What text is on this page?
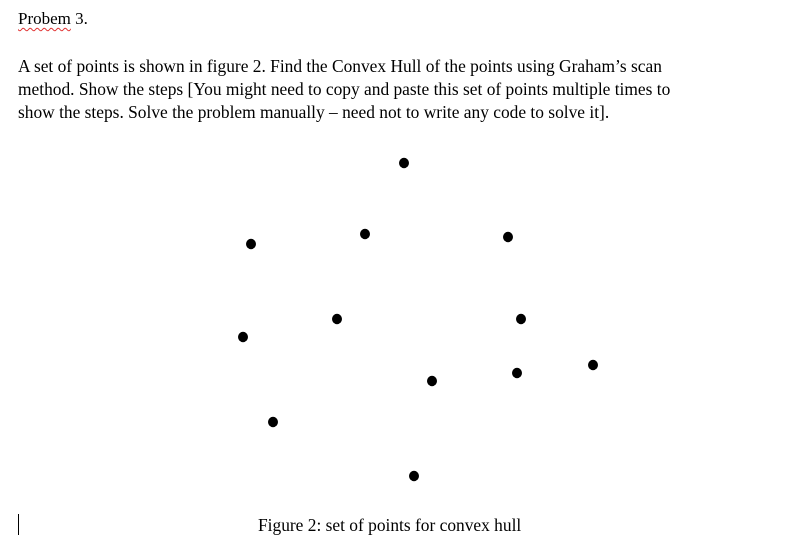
Probem 3.
A set of points is shown in figure 2. Find the Convex Hull of the points using Graham’s scan
method. Show the steps [You might need to copy and paste this set of points multiple times to
show the steps. Solve the problem manually – need not to write any code to solve it].
Figure 2: set of points for convex hull
